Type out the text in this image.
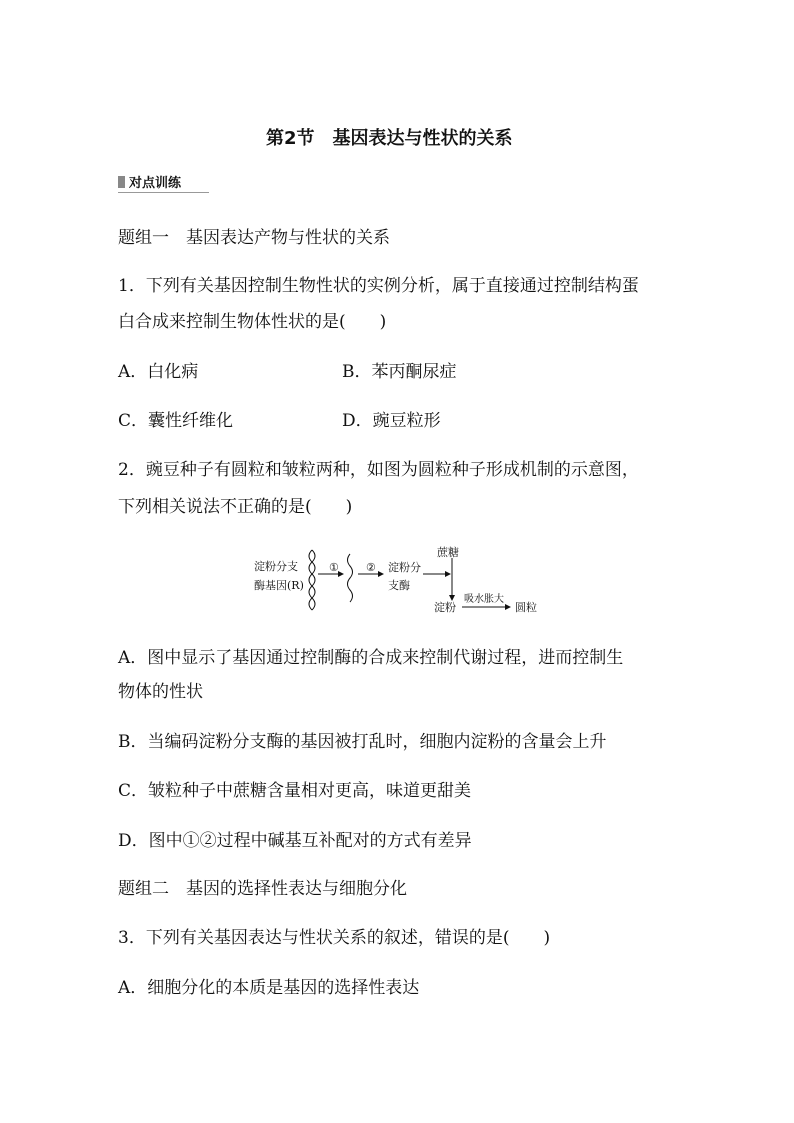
第2节　基因表达与性状的关系
对点训练
题组一　基因表达产物与性状的关系
1．下列有关基因控制生物性状的实例分析，属于直接通过控制结构蛋
白合成来控制生物体性状的是(　　)
A．白化病	B．苯丙酮尿症
C．囊性纤维化	D．豌豆粒形
2．豌豆种子有圆粒和皱粒两种，如图为圆粒种子形成机制的示意图，
下列相关说法不正确的是(　　)
淀粉分支
酶基因(R)
① ② 淀粉分
支酶
蔗糖
淀粉
吸水胀大
圆粒
A．图中显示了基因通过控制酶的合成来控制代谢过程，进而控制生
物体的性状
B．当编码淀粉分支酶的基因被打乱时，细胞内淀粉的含量会上升
C．皱粒种子中蔗糖含量相对更高，味道更甜美
D．图中①②过程中碱基互补配对的方式有差异
题组二　基因的选择性表达与细胞分化
3．下列有关基因表达与性状关系的叙述，错误的是(　　)
A．细胞分化的本质是基因的选择性表达
